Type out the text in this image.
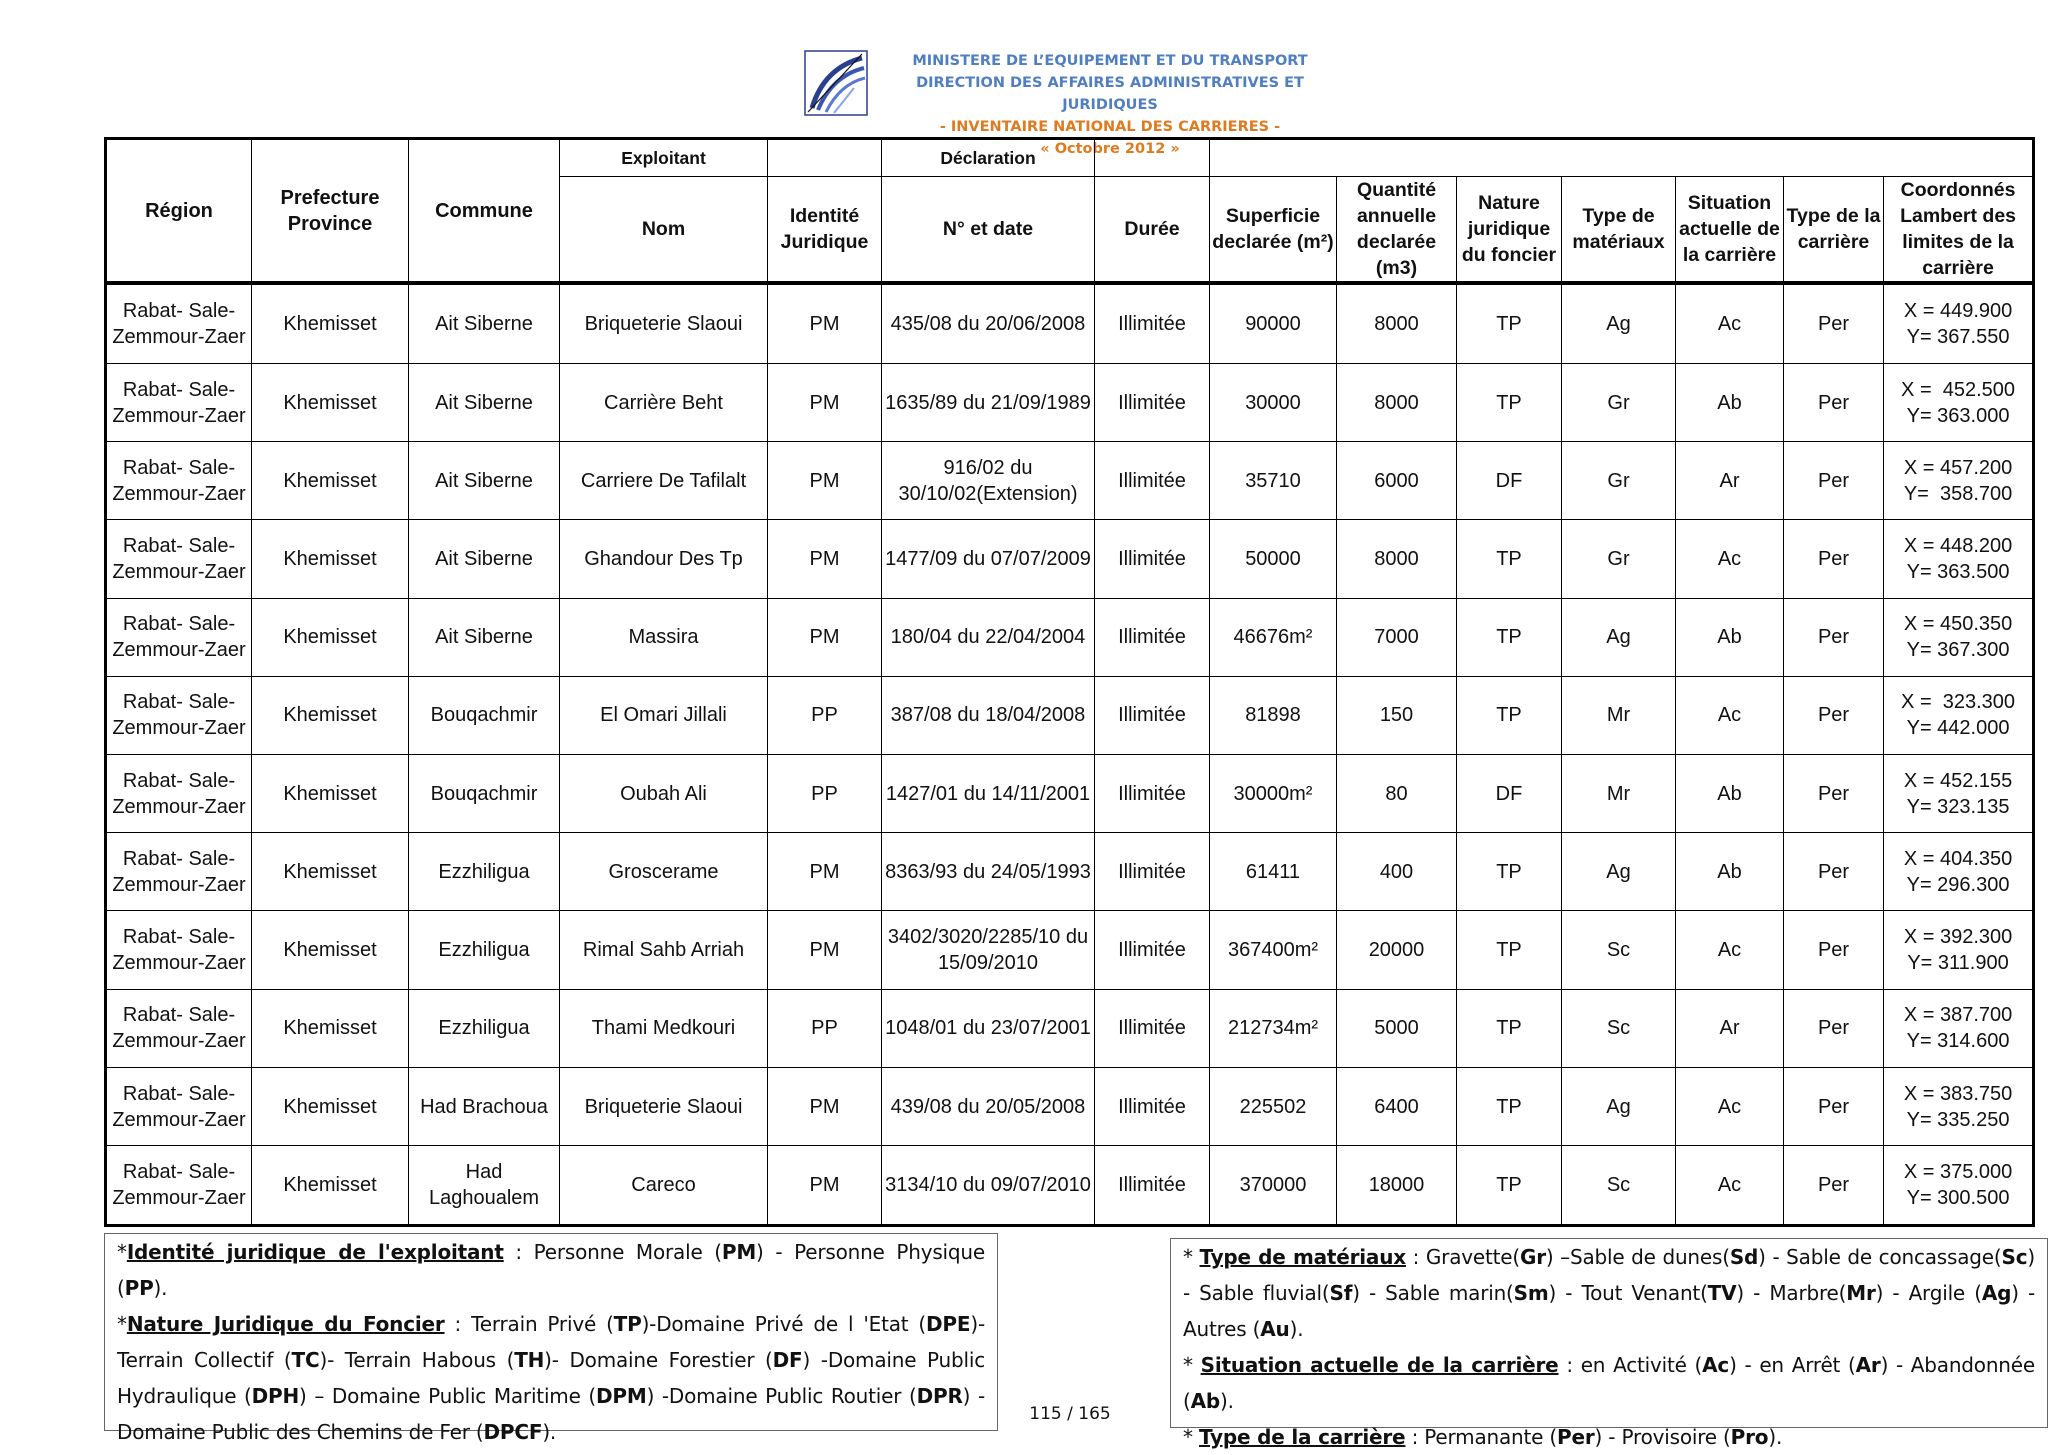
MINISTERE DE L’EQUIPEMENT ET DU TRANSPORT
DIRECTION DES AFFAIRES ADMINISTRATIVES ET JURIDIQUES
- INVENTAIRE NATIONAL DES CARRIERES -
« Octobre 2012 »
Région	Prefecture Province	Commune	Exploitant		Déclaration								
			Nom	Identité Juridique	N° et date	Durée	Superficie declarée (m²)	Quantité annuelle declarée (m3)	Nature juridique du foncier	Type de matériaux	Situation actuelle de la carrière	Type de la carrière	Coordonnés Lambert des limites de la carrière
Rabat- Sale-Zemmour-Zaer	Khemisset	Ait Siberne	Briqueterie Slaoui	PM	435/08 du 20/06/2008	Illimitée	90000	8000	TP	Ag	Ac	Per	X = 449.900
Y= 367.550

Rabat- Sale-Zemmour-Zaer	Khemisset	Ait Siberne	Carrière Beht	PM	1635/89 du 21/09/1989	Illimitée	30000	8000	TP	Gr	Ab	Per	X =  452.500
Y= 363.000

Rabat- Sale-Zemmour-Zaer	Khemisset	Ait Siberne	Carriere De Tafilalt	PM	916/02 du 30/10/02(Extension)	Illimitée	35710	6000	DF	Gr	Ar	Per	X = 457.200
Y=  358.700

Rabat- Sale-Zemmour-Zaer	Khemisset	Ait Siberne	Ghandour Des Tp	PM	1477/09 du 07/07/2009	Illimitée	50000	8000	TP	Gr	Ac	Per	X = 448.200
Y= 363.500

Rabat- Sale-Zemmour-Zaer	Khemisset	Ait Siberne	Massira	PM	180/04 du 22/04/2004	Illimitée	46676m²	7000	TP	Ag	Ab	Per	X = 450.350
Y= 367.300

Rabat- Sale-Zemmour-Zaer	Khemisset	Bouqachmir	El Omari Jillali	PP	387/08 du 18/04/2008	Illimitée	81898	150	TP	Mr	Ac	Per	X =  323.300
Y= 442.000

Rabat- Sale-Zemmour-Zaer	Khemisset	Bouqachmir	Oubah Ali	PP	1427/01 du 14/11/2001	Illimitée	30000m²	80	DF	Mr	Ab	Per	X = 452.155
Y= 323.135

Rabat- Sale-Zemmour-Zaer	Khemisset	Ezzhiligua	Groscerame	PM	8363/93 du 24/05/1993	Illimitée	61411	400	TP	Ag	Ab	Per	X = 404.350
Y= 296.300

Rabat- Sale-Zemmour-Zaer	Khemisset	Ezzhiligua	Rimal Sahb Arriah	PM	3402/3020/2285/10 du 15/09/2010	Illimitée	367400m²	20000	TP	Sc	Ac	Per	X = 392.300
Y= 311.900

Rabat- Sale-Zemmour-Zaer	Khemisset	Ezzhiligua	Thami Medkouri	PP	1048/01 du 23/07/2001	Illimitée	212734m²	5000	TP	Sc	Ar	Per	X = 387.700
Y= 314.600

Rabat- Sale-Zemmour-Zaer	Khemisset	Had Brachoua	Briqueterie Slaoui	PM	439/08 du 20/05/2008	Illimitée	225502	6400	TP	Ag	Ac	Per	X = 383.750
Y= 335.250

Rabat- Sale-Zemmour-Zaer	Khemisset	Had Laghoualem	Careco	PM	3134/10 du 09/07/2010	Illimitée	370000	18000	TP	Sc	Ac	Per	X = 375.000
Y= 300.500

*Identité juridique de l'exploitant : Personne Morale (PM) - Personne Physique (PP).

*Nature Juridique du Foncier : Terrain Privé (TP)-Domaine Privé de l 'Etat (DPE)- Terrain Collectif (TC)- Terrain Habous (TH)- Domaine Forestier (DF) -Domaine Public Hydraulique (DPH) – Domaine Public Maritime (DPM) -Domaine Public Routier (DPR) - Domaine Public des Chemins de Fer (DPCF).

* Type de matériaux : Gravette(Gr) –Sable de dunes(Sd) - Sable de concassage(Sc) - Sable fluvial(Sf) - Sable marin(Sm) - Tout Venant(TV) - Marbre(Mr) - Argile (Ag) - Autres (Au).

* Situation actuelle de la carrière : en Activité (Ac) - en Arrêt (Ar) - Abandonnée (Ab).

* Type de la carrière : Permanante (Per) - Provisoire (Pro).

115 / 165
